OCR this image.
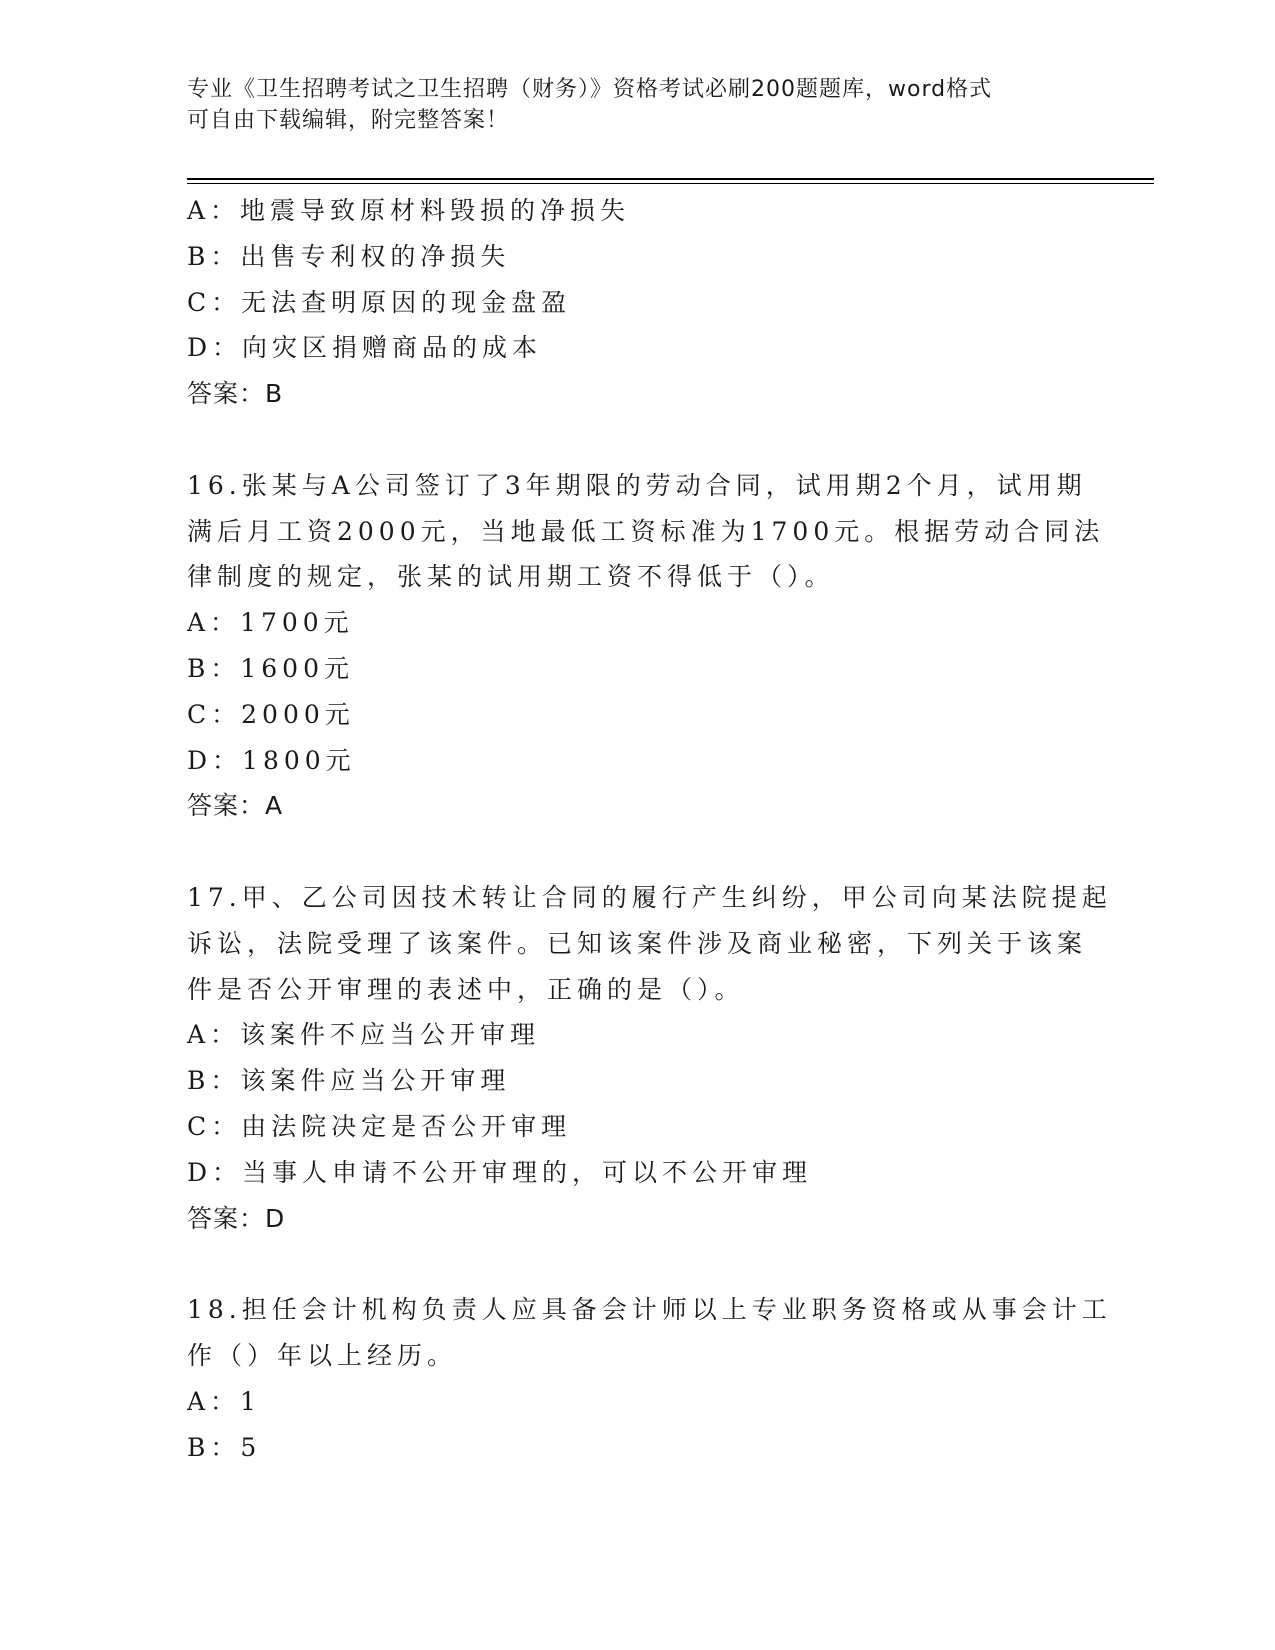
专业《卫生招聘考试之卫生招聘（财务）》资格考试必刷200题题库，word格式
可自由下载编辑，附完整答案！
A：地震导致原材料毁损的净损失
B：出售专利权的净损失
C：无法查明原因的现金盘盈
D：向灾区捐赠商品的成本
答案：B
16.张某与A公司签订了3年期限的劳动合同，试用期2个月，试用期
满后月工资2000元，当地最低工资标准为1700元。根据劳动合同法
律制度的规定，张某的试用期工资不得低于（）。
A：1700元
B：1600元
C：2000元
D：1800元
答案：A
17.甲、乙公司因技术转让合同的履行产生纠纷，甲公司向某法院提起
诉讼，法院受理了该案件。已知该案件涉及商业秘密，下列关于该案
件是否公开审理的表述中，正确的是（）。
A：该案件不应当公开审理
B：该案件应当公开审理
C：由法院决定是否公开审理
D：当事人申请不公开审理的，可以不公开审理
答案：D
18.担任会计机构负责人应具备会计师以上专业职务资格或从事会计工
作（）年以上经历。
A：1
B：5
